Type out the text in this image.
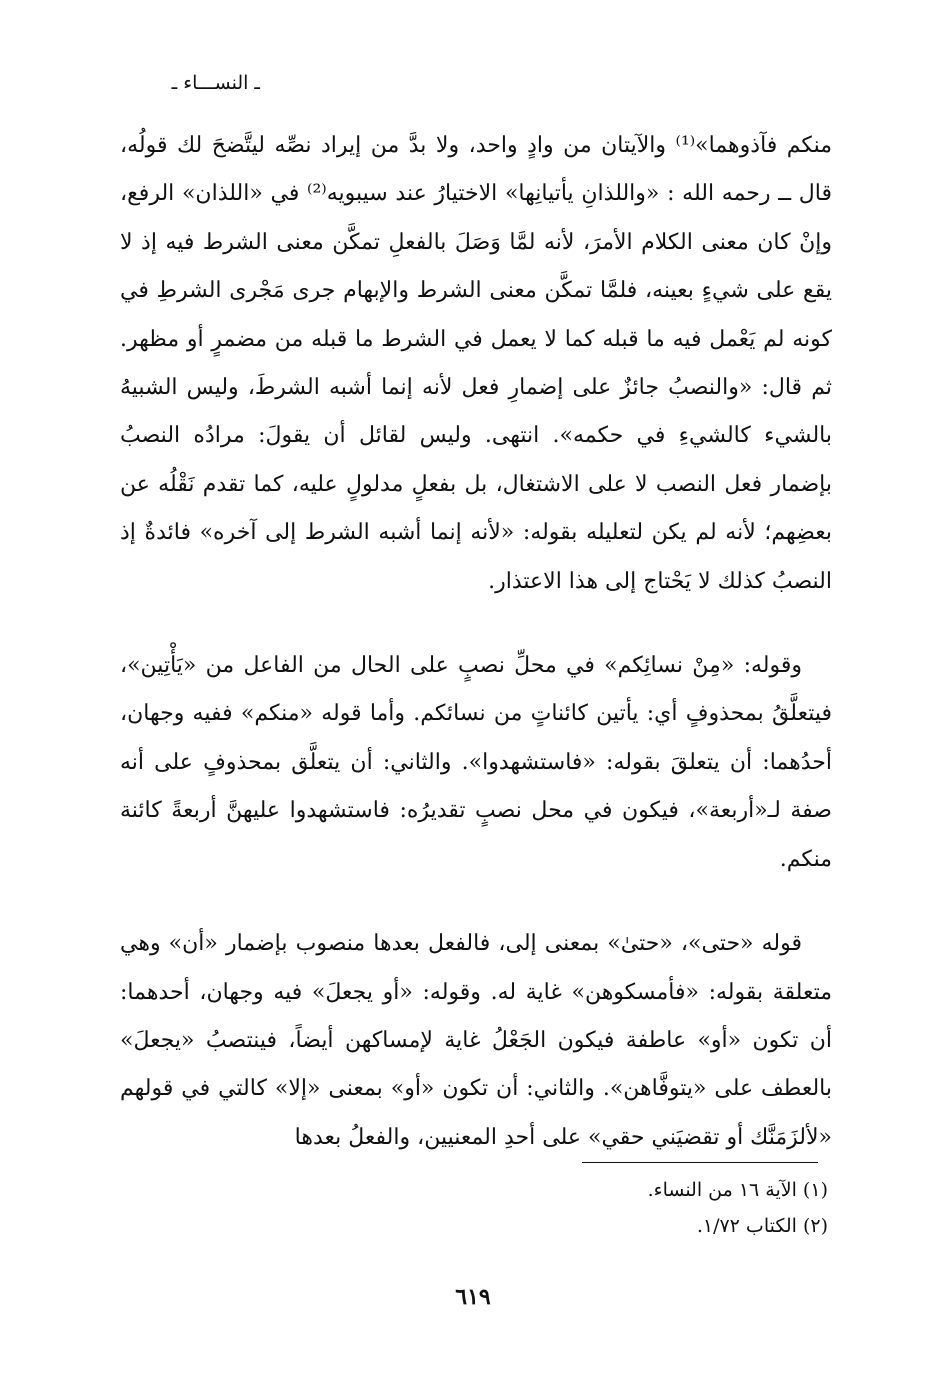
ـ النســـاء ـ

منكم فآذوهما»⁽¹⁾ والآيتان من وادٍ واحد، ولا بدَّ من إيراد نصِّه ليتَّضحَ لك قولُه، قال ــ رحمه الله : «واللذانِ يأتيانِها» الاختيارُ عند سيبويه⁽²⁾ في «اللذان» الرفع، وإنْ كان معنى الكلام الأمرَ، لأنه لمَّا وَصَلَ بالفعلِ تمكَّن معنى الشرط فيه إذ لا يقع على شيءٍ بعينه، فلمَّا تمكَّن معنى الشرط والإبهام جرى مَجْرى الشرطِ في كونه لم يَعْمل فيه ما قبله كما لا يعمل في الشرط ما قبله من مضمرٍ أو مظهر. ثم قال: «والنصبُ جائزٌ على إضمارِ فعل لأنه إنما أشبه الشرطَ، وليس الشبيهُ بالشيء كالشيءِ في حكمه». انتهى. وليس لقائل أن يقولَ: مرادُه النصبُ بإضمار فعل النصب لا على الاشتغال، بل بفعلٍ مدلولٍ عليه، كما تقدم نَقْلُه عن بعضِهم؛ لأنه لم يكن لتعليله بقوله: «لأنه إنما أشبه الشرط إلى آخره» فائدةٌ إذ النصبُ كذلك لا يَحْتاج إلى هذا الاعتذار.

وقوله: «مِنْ نسائِكم» في محلِّ نصبٍ على الحال من الفاعل من «يَأْتِين»، فيتعلَّقُ بمحذوفٍ أي: يأتين كائناتٍ من نسائكم. وأما قوله «منكم» ففيه وجهان، أحدُهما: أن يتعلقَ بقوله: «فاستشهدوا». والثاني: أن يتعلَّق بمحذوفٍ على أنه صفة لـ«أربعة»، فيكون في محل نصبٍ تقديرُه: فاستشهدوا عليهنَّ أربعةً كائنة منكم.

قوله «حتى»، «حتىٰ» بمعنى إلى، فالفعل بعدها منصوب بإضمار «أن» وهي متعلقة بقوله: «فأمسكوهن» غاية له. وقوله: «أو يجعلَ» فيه وجهان، أحدهما: أن تكون «أو» عاطفة فيكون الجَعْلُ غاية لإمساكهن أيضاً، فينتصبُ «يجعلَ» بالعطف على «يتوفَّاهن». والثاني: أن تكون «أو» بمعنى «إلا» كالتي في قولهم «لألزَمَنَّك أو تقضيَني حقي» على أحدِ المعنيين، والفعلُ بعدها

(١) الآية ١٦ من النساء.

(٢) الكتاب ١/٧٢.

٦١٩
